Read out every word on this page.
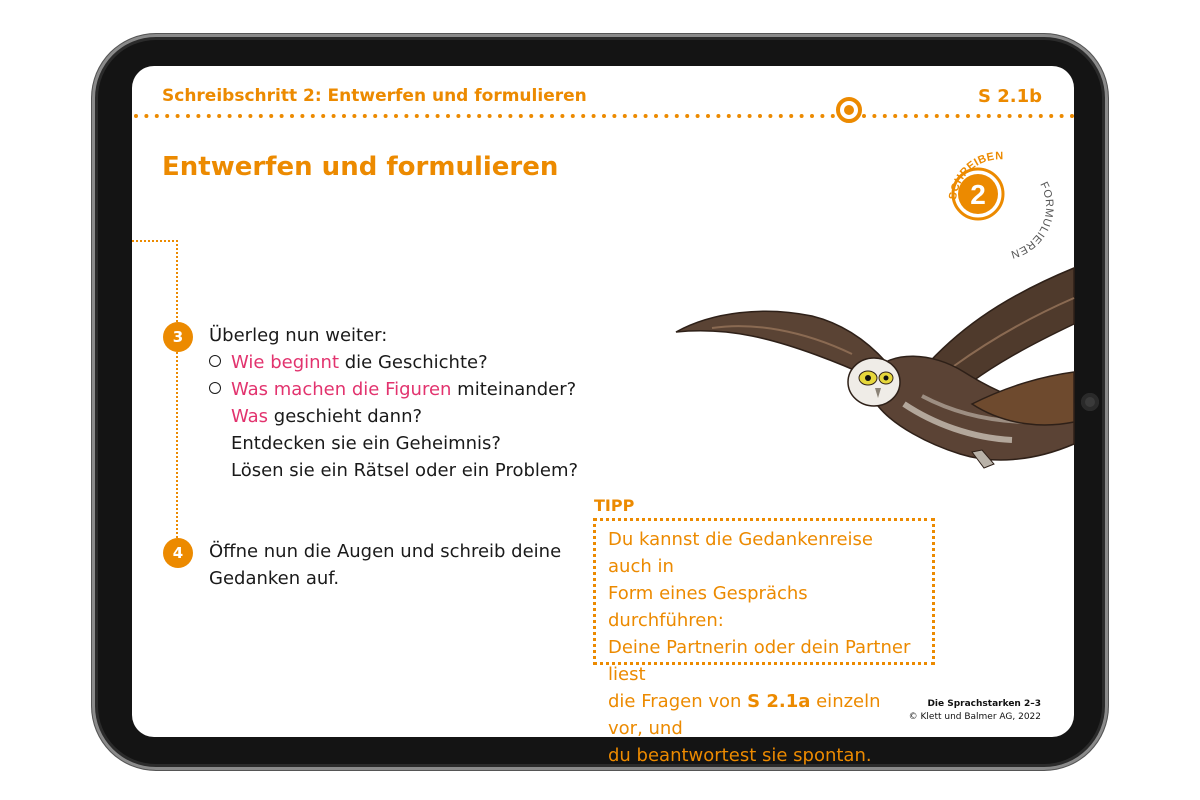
Schreibschritt 2: Entwerfen und formulieren	S 2.1b
Entwerfen und formulieren
2
SCHREIBEN
FORMULIEREN
3	Überleg nun weiter:
Wie beginnt die Geschichte?
Was machen die Figuren miteinander?
Was geschieht dann?
Entdecken sie ein Geheimnis?
Lösen sie ein Rätsel oder ein Problem?
4	Öffne nun die Augen und schreib deine Gedanken auf.
TIPP
Du kannst die Gedankenreise auch in
Form eines Gesprächs durchführen:
Deine Partnerin oder dein Partner liest
die Fragen von S 2.1a einzeln vor, und
du beantwortest sie spontan.
Die Sprachstarken 2–3
© Klett und Balmer AG, 2022
